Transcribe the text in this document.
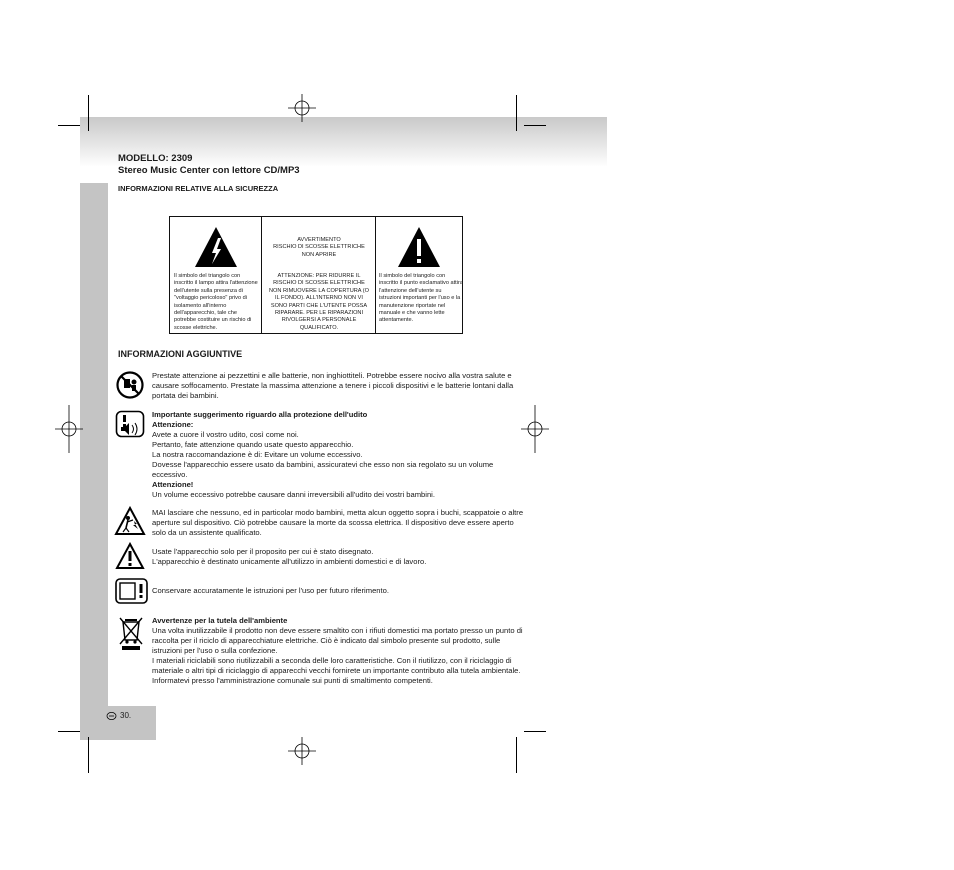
MODELLO: 2309
Stereo Music Center con lettore CD/MP3
INFORMAZIONI RELATIVE ALLA SICUREZZA
Il simbolo del triangolo con inscritto il lampo attira l'attenzione dell'utente sulla presenza di "voltaggio pericoloso" privo di isolamento all'interno dell'apparecchio, tale che potrebbe costituire un rischio di scosse elettriche.
AVVERTIMENTO
RISCHIO DI SCOSSE ELETTRICHE
NON APRIRE
ATTENZIONE: PER RIDURRE IL
RISCHIO DI SCOSSE ELETTRICHE
NON RIMUOVERE LA COPERTURA (O
IL FONDO). ALL'INTERNO NON VI
SONO PARTI CHE L'UTENTE POSSA
RIPARARE. PER LE RIPARAZIONI
RIVOLGERSI A PERSONALE
QUALIFICATO.
Il simbolo del triangolo con inscritto il punto esclamativo attira l'attenzione dell'utente su istruzioni importanti per l'uso e la manutenzione riportate nel manuale e che vanno lette attentamente.
INFORMAZIONI AGGIUNTIVE
Prestate attenzione ai pezzettini e alle batterie, non inghiottiteli. Potrebbe essere nocivo alla vostra salute e causare soffocamento. Prestate la massima attenzione a tenere i piccoli dispositivi e le batterie lontani dalla portata dei bambini.

Importante suggerimento riguardo alla protezione dell'udito

Attenzione:

Avete a cuore il vostro udito, così come noi.

Pertanto, fate attenzione quando usate questo apparecchio.

La nostra raccomandazione è di: Evitare un volume eccessivo.

Dovesse l'apparecchio essere usato da bambini, assicuratevi che esso non sia regolato su un volume eccessivo.

Attenzione!

Un volume eccessivo potrebbe causare danni irreversibili all'udito dei vostri bambini.

MAI lasciare che nessuno, ed in particolar modo bambini, metta alcun oggetto sopra i buchi, scappatoie o altre aperture sul dispositivo. Ciò potrebbe causare la morte da scossa elettrica. Il dispositivo deve essere aperto solo da un assistente qualificato.

Usate l'apparecchio solo per il proposito per cui è stato disegnato.

L'apparecchio è destinato unicamente all'utilizzo in ambienti domestici e di lavoro.

Conservare accuratamente le istruzioni per l'uso per futuro riferimento.

Avvertenze per la tutela dell'ambiente

Una volta inutilizzabile il prodotto non deve essere smaltito con i rifiuti domestici ma portato presso un punto di raccolta per il riciclo di apparecchiature elettriche. Ciò è indicato dal simbolo presente sul prodotto, sulle istruzioni per l'uso o sulla confezione.

I materiali riciclabili sono riutilizzabili a seconda delle loro caratteristiche. Con il riutilizzo, con il riciclaggio di materiale o altri tipi di riciclaggio di apparecchi vecchi fornirete un importante contributo alla tutela ambientale.

Informatevi presso l'amministrazione comunale sui punti di smaltimento competenti.

30.
